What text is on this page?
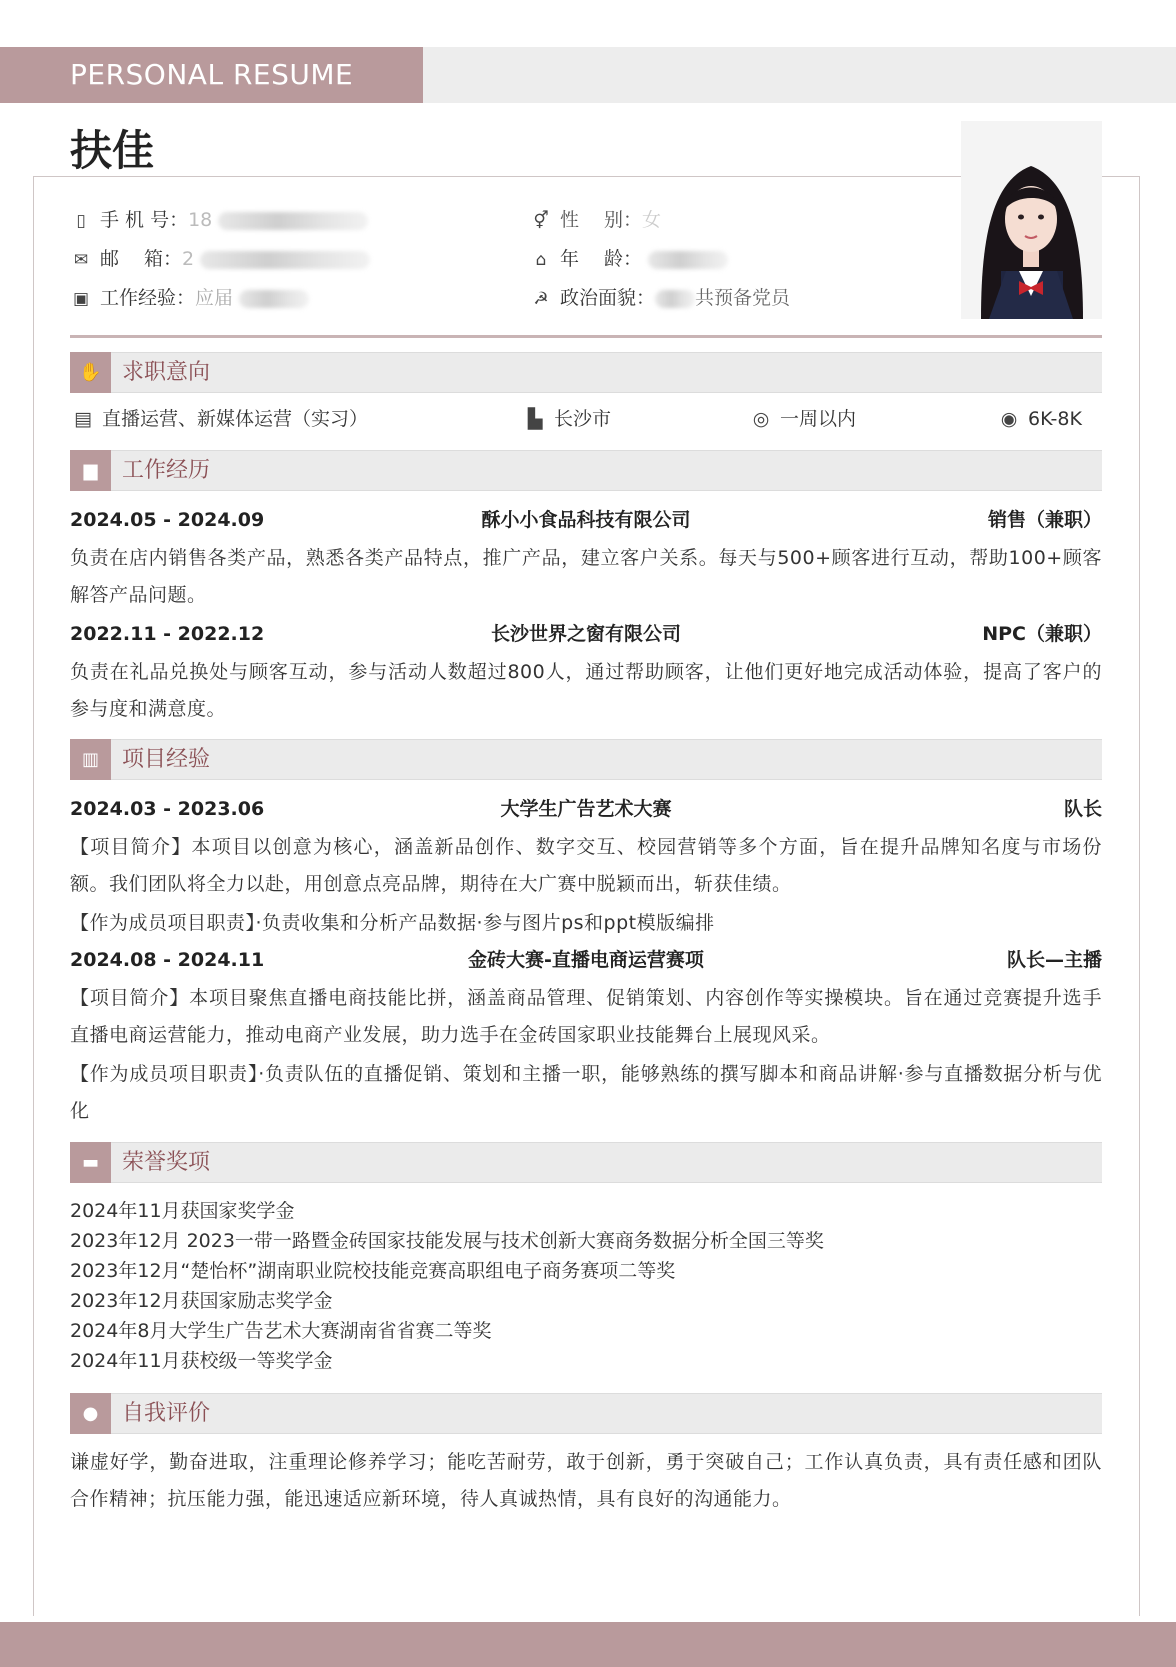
PERSONAL RESUME
扶佳
▯ 手 机 号：18
✉ 邮　 箱：2
▣ 工作经验：应届
⚥ 性　 别：女
⌂ 年　 龄：
☭ 政治面貌： 共预备党员
✋ 求职意向
▤ 直播运营、新媒体运营（实习）	▙ 长沙市	◎ 一周以内	◉ 6K-8K
▆	工作经历
2024.05 - 2024.09	酥小小食品科技有限公司	销售（兼职）
负责在店内销售各类产品，熟悉各类产品特点，推广产品，建立客户关系。每天与500+顾客进行互动，帮助100+顾客解答产品问题。
2022.11 - 2022.12	长沙世界之窗有限公司	NPC（兼职）
负责在礼品兑换处与顾客互动，参与活动人数超过800人，通过帮助顾客，让他们更好地完成活动体验，提高了客户的参与度和满意度。
▥	项目经验
2024.03 - 2023.06	大学生广告艺术大赛	队长
【项目简介】本项目以创意为核心，涵盖新品创作、数字交互、校园营销等多个方面，旨在提升品牌知名度与市场份额。我们团队将全力以赴，用创意点亮品牌，期待在大广赛中脱颖而出，斩获佳绩。
【作为成员项目职责】·负责收集和分析产品数据·参与图片ps和ppt模版编排
2024.08 - 2024.11	金砖大赛-直播电商运营赛项	队长—主播
【项目简介】本项目聚焦直播电商技能比拼，涵盖商品管理、促销策划、内容创作等实操模块。旨在通过竞赛提升选手直播电商运营能力，推动电商产业发展，助力选手在金砖国家职业技能舞台上展现风采。
【作为成员项目职责】·负责队伍的直播促销、策划和主播一职，能够熟练的撰写脚本和商品讲解·参与直播数据分析与优化
▬	荣誉奖项
2024年11月获国家奖学金
2023年12月 2023一带一路暨金砖国家技能发展与技术创新大赛商务数据分析全国三等奖
2023年12月“楚怡杯”湖南职业院校技能竞赛高职组电子商务赛项二等奖
2023年12月获国家励志奖学金
2024年8月大学生广告艺术大赛湖南省省赛二等奖
2024年11月获校级一等奖学金
●	自我评价
谦虚好学，勤奋进取，注重理论修养学习；能吃苦耐劳，敢于创新，勇于突破自己；工作认真负责，具有责任感和团队合作精神；抗压能力强，能迅速适应新环境，待人真诚热情，具有良好的沟通能力。
